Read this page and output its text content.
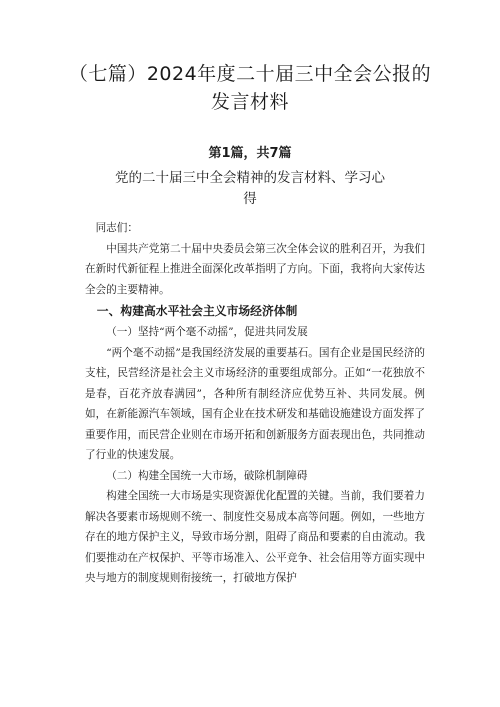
（七篇）2024年度二十届三中全会公报的
发言材料
第1篇，共7篇
党的二十届三中全会精神的发言材料、学习心
得

同志们：

中国共产党第二十届中央委员会第三次全体会议的胜利召开，为我们在新时代新征程上推进全面深化改革指明了方向。下面，我将向大家传达全会的主要精神。

一、构建高水平社会主义市场经济体制

（一）坚持“两个毫不动摇”，促进共同发展

“两个毫不动摇”是我国经济发展的重要基石。国有企业是国民经济的支柱，民营经济是社会主义市场经济的重要组成部分。正如“一花独放不是春，百花齐放春满园”，各种所有制经济应优势互补、共同发展。例如，在新能源汽车领域，国有企业在技术研发和基础设施建设方面发挥了重要作用，而民营企业则在市场开拓和创新服务方面表现出色，共同推动了行业的快速发展。

（二）构建全国统一大市场，破除机制障碍

构建全国统一大市场是实现资源优化配置的关键。当前，我们要着力解决各要素市场规则不统一、制度性交易成本高等问题。例如，一些地方存在的地方保护主义，导致市场分割，阻碍了商品和要素的自由流动。我们要推动在产权保护、平等市场准入、公平竞争、社会信用等方面实现中央与地方的制度规则衔接统一，打破地方保护
